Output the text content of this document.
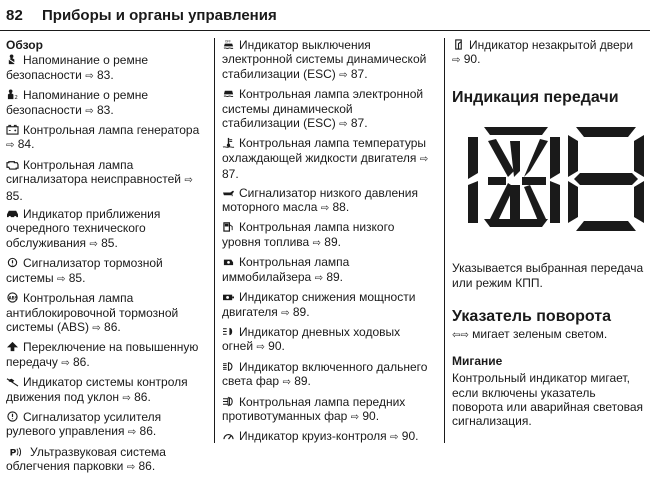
82 Приборы и органы управления
Обзор
Напоминание о ремне безопасности ⇨ 83.
2 Напоминание о ремне безопасности ⇨ 83.
Контрольная лампа генератора ⇨ 84.
Контрольная лампа сигнализатора неисправностей ⇨ 85.
Индикатор приближения очередного технического обслуживания ⇨ 85.
Сигнализатор тормозной системы ⇨ 85.
ABS Контрольная лампа антиблокировочной тормозной системы (ABS) ⇨ 86.
Переключение на повышенную передачу ⇨ 86.
Индикатор системы контроля движения под уклон ⇨ 86.
Сигнализатор усилителя рулевого управления ⇨ 86.
P Ультразвуковая система облегчения парковки ⇨ 86.
OFF Индикатор выключения электронной системы динамической стабилизации (ESC) ⇨ 87.
Контрольная лампа электронной системы динамической стабилизации (ESC) ⇨ 87.
Контрольная лампа температуры охлаждающей жидкости двигателя ⇨ 87.
Сигнализатор низкого давления моторного масла ⇨ 88.
Контрольная лампа низкого уровня топлива ⇨ 89.
Контрольная лампа иммобилайзера ⇨ 89.
Индикатор снижения мощности двигателя ⇨ 89.
Индикатор дневных ходовых огней ⇨ 90.
Индикатор включенного дальнего света фар ⇨ 89.
Контрольная лампа передних противотуманных фар ⇨ 90.
Индикатор круиз-контроля ⇨ 90.
Индикатор незакрытой двери ⇨ 90.
Индикация передачи
Указывается выбранная передача или режим КПП.
Указатель поворота
⇦⇨ мигает зеленым светом.
Мигание
Контрольный индикатор мигает, если включены указатель поворота или аварийная световая сигнализация.
